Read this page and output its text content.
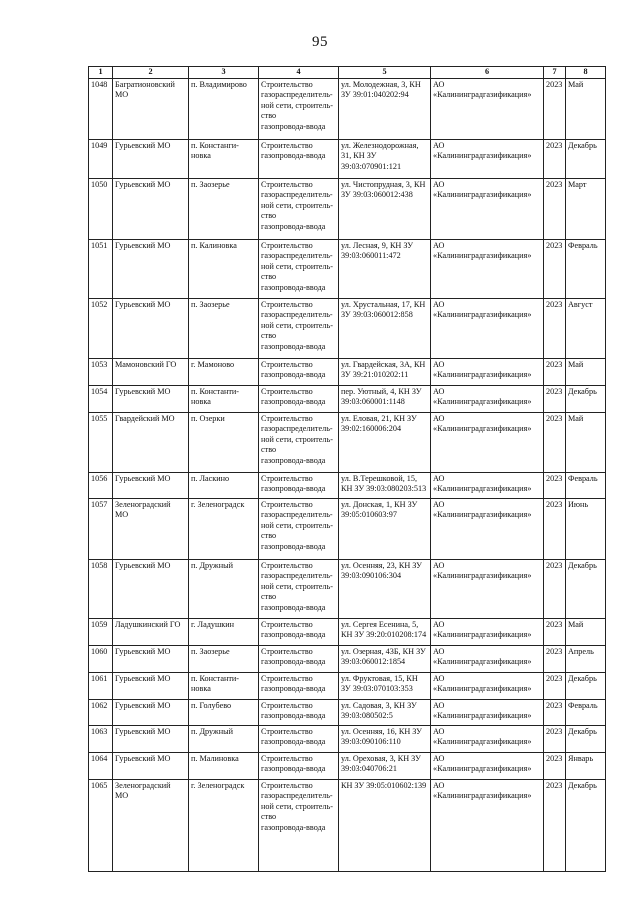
95
1	2	3	4	5	6	7	8
1048	Багратионовский
МО	п. Владимирово	Строительство
газораспределитель-
ной сети, строитель-
ство
газопровода-ввода	ул. Молодежная, 3, КН
ЗУ 39:01:040202:94	АО
«Калининградгазификация»	2023	Май
1049	Гурьевский МО	п. Констанги-
новка	Строительство
газопровода-ввода	ул. Железнодорожная,
31, КН ЗУ
39:03:070901:121	АО
«Калининградгазификация»	2023	Декабрь
1050	Гурьевский МО	п. Заозерье	Строительство
газораспределитель-
ной сети, строитель-
ство
газопровода-ввода	ул. Чистопрудная, 3, КН
ЗУ 39:03:060012:438	АО
«Калининградгазификация»	2023	Март
1051	Гурьевский МО	п. Калиновка	Строительство
газораспределитель-
ной сети, строитель-
ство
газопровода-ввода	ул. Лесная, 9, КН ЗУ
39:03:060011:472	АО
«Калининградгазификация»	2023	Февраль
1052	Гурьевский МО	п. Заозерье	Строительство
газораспределитель-
ной сети, строитель-
ство
газопровода-ввода	ул. Хрустальная, 17, КН
ЗУ 39:03:060012:858	АО
«Калининградгазификация»	2023	Август
1053	Мамоновский ГО	г. Мамоново	Строительство
газопровода-ввода	ул. Гвардейская, 3А, КН
ЗУ 39:21:010202:11	АО
«Калининградгазификация»	2023	Май
1054	Гурьевский МО	п. Константи-
новка	Строительство
газопровода-ввода	пер. Уютный, 4, КН ЗУ
39:03:060001:1148	АО
«Калининградгазификация»	2023	Декабрь
1055	Гвардейский МО	п. Озерки	Строительство
газораспределитель-
ной сети, строитель-
ство
газопровода-ввода	ул. Еловая, 21, КН ЗУ
39:02:160006:204	АО
«Калининградгазификация»	2023	Май
1056	Гурьевский МО	п. Ласкино	Строительство
газопровода-ввода	ул. В.Терешковой, 15,
КН ЗУ 39:03:080203:513	АО
«Калининградгазификация»	2023	Февраль
1057	Зеленоградский
МО	г. Зеленоградск	Строительство
газораспределитель-
ной сети, строитель-
ство
газопровода-ввода	ул. Донская, 1, КН ЗУ
39:05:010603:97	АО
«Калининградгазификация»	2023	Июнь
1058	Гурьевский МО	п. Дружный	Строительство
газораспределитель-
ной сети, строитель-
ство
газопровода-ввода	ул. Осенняя, 23, КН ЗУ
39:03:090106:304	АО
«Калининградгазификация»	2023	Декабрь
1059	Ладушкинский ГО	г. Ладушкин	Строительство
газопровода-ввода	ул. Сергея Есенина, 5,
КН ЗУ 39:20:010208:174	АО
«Калининградгазификация»	2023	Май
1060	Гурьевский МО	п. Заозерье	Строительство
газопровода-ввода	ул. Озерная, 43Б, КН ЗУ
39:03:060012:1854	АО
«Калининградгазификация»	2023	Апрель
1061	Гурьевский МО	п. Константи-
новка	Строительство
газопровода-ввода	ул. Фруктовая, 15, КН
ЗУ 39:03:070103:353	АО
«Калининградгазификация»	2023	Декабрь
1062	Гурьевский МО	п. Голубево	Строительство
газопровода-ввода	ул. Садовая, 3, КН ЗУ
39:03:080502:5	АО
«Калининградгазификация»	2023	Февраль
1063	Гурьевский МО	п. Дружный	Строительство
газопровода-ввода	ул. Осенняя, 16, КН ЗУ
39:03:090106:110	АО
«Калининградгазификация»	2023	Декабрь
1064	Гурьевский МО	п. Малиновка	Строительство
газопровода-ввода	ул. Ореховая, 3, КН ЗУ
39:03:040706:21	АО
«Калининградгазификация»	2023	Январь
1065	Зеленоградский
МО	г. Зеленоградск	Строительство
газораспределитель-
ной сети, строитель-
ство
газопровода-ввода	КН ЗУ 39:05:010602:139	АО
«Калининградгазификация»	2023	Декабрь
